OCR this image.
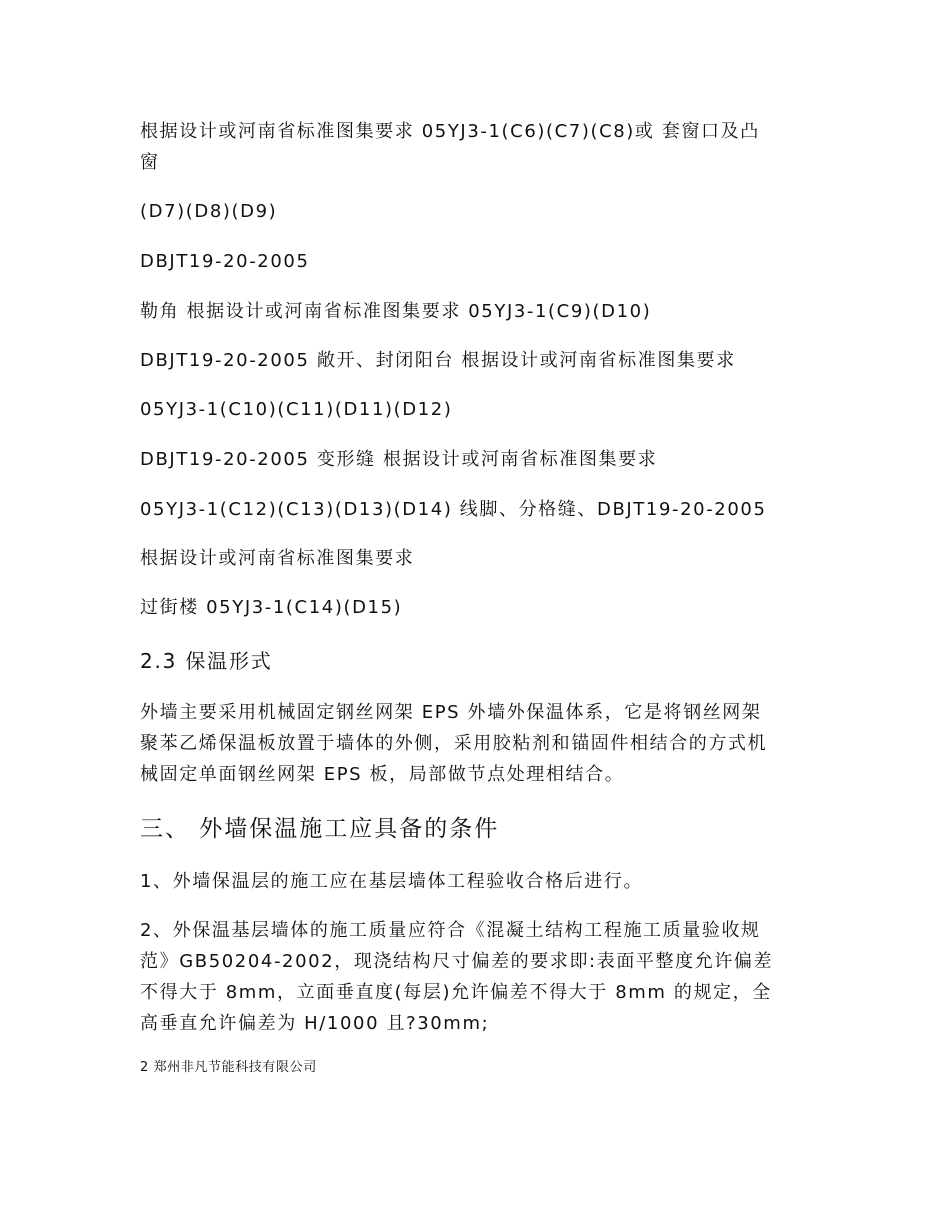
根据设计或河南省标准图集要求 05YJ3-1(C6)(C7)(C8)或 套窗口及凸
窗
(D7)(D8)(D9)
DBJT19-20-2005
勒角 根据设计或河南省标准图集要求 05YJ3-1(C9)(D10)
DBJT19-20-2005 敞开、封闭阳台 根据设计或河南省标准图集要求
05YJ3-1(C10)(C11)(D11)(D12)
DBJT19-20-2005 变形缝 根据设计或河南省标准图集要求
05YJ3-1(C12)(C13)(D13)(D14) 线脚、分格缝、DBJT19-20-2005
根据设计或河南省标准图集要求
过街楼 05YJ3-1(C14)(D15)
2.3 保温形式
外墙主要采用机械固定钢丝网架 EPS 外墙外保温体系，它是将钢丝网架
聚苯乙烯保温板放置于墙体的外侧，采用胶粘剂和锚固件相结合的方式机
械固定单面钢丝网架 EPS 板，局部做节点处理相结合。
三、 外墙保温施工应具备的条件
1、外墙保温层的施工应在基层墙体工程验收合格后进行。
2、外保温基层墙体的施工质量应符合《混凝土结构工程施工质量验收规
范》GB50204-2002，现浇结构尺寸偏差的要求即:表面平整度允许偏差
不得大于 8mm，立面垂直度(每层)允许偏差不得大于 8mm 的规定，全
高垂直允许偏差为 H/1000 且?30mm;
2 郑州非凡节能科技有限公司
